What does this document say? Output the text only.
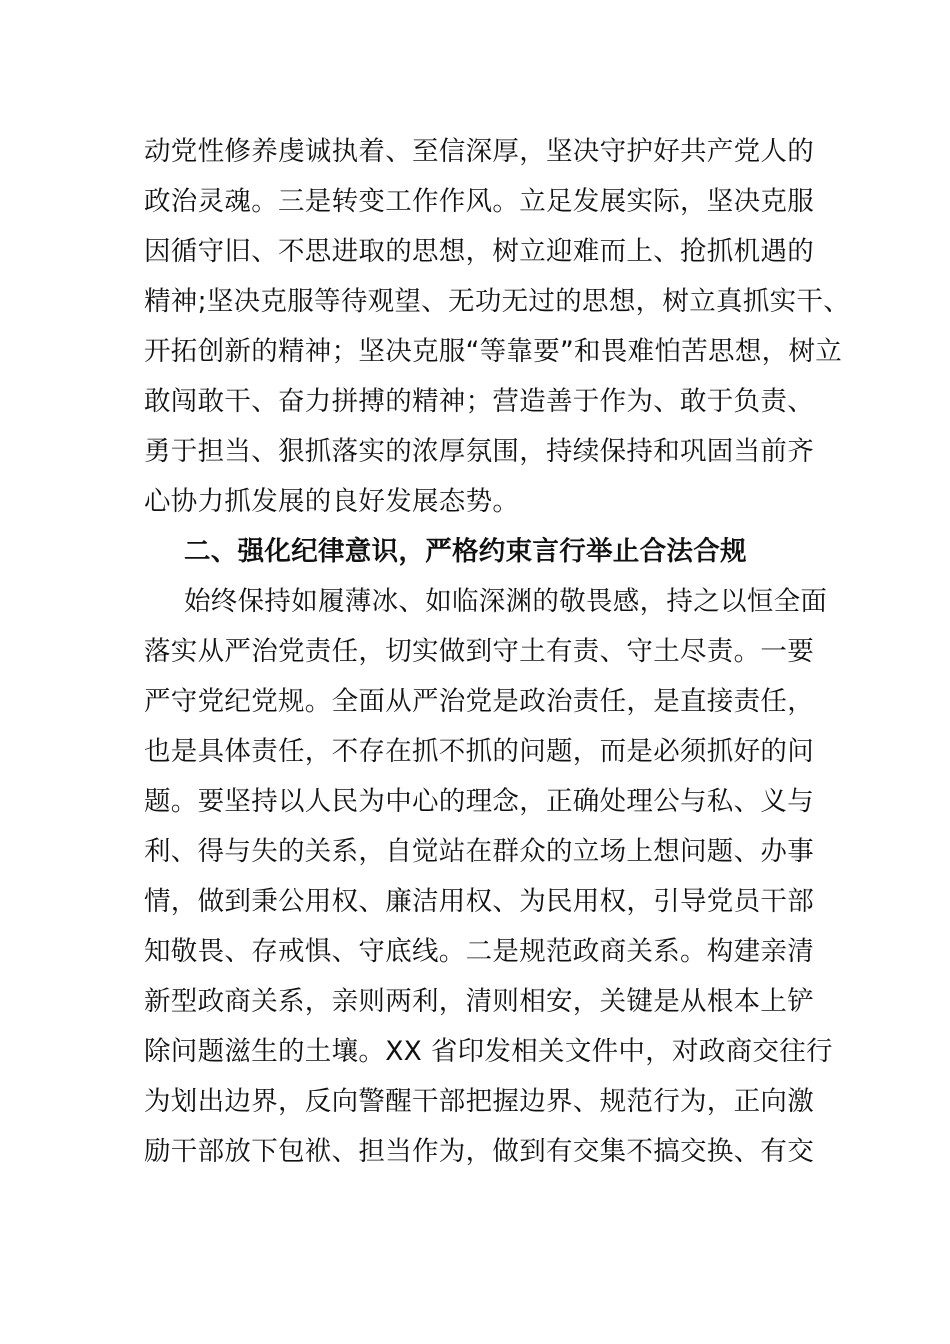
动党性修养虔诚执着、至信深厚，坚决守护好共产党人的
政治灵魂。三是转变工作作风。立足发展实际，坚决克服
因循守旧、不思进取的思想，树立迎难而上、抢抓机遇的
精神;坚决克服等待观望、无功无过的思想，树立真抓实干、
开拓创新的精神；坚决克服“等靠要”和畏难怕苦思想，树立
敢闯敢干、奋力拼搏的精神；营造善于作为、敢于负责、
勇于担当、狠抓落实的浓厚氛围，持续保持和巩固当前齐
心协力抓发展的良好发展态势。
二、强化纪律意识，严格约束言行举止合法合规
始终保持如履薄冰、如临深渊的敬畏感，持之以恒全面
落实从严治党责任，切实做到守土有责、守土尽责。一要
严守党纪党规。全面从严治党是政治责任，是直接责任，
也是具体责任，不存在抓不抓的问题，而是必须抓好的问
题。要坚持以人民为中心的理念，正确处理公与私、义与
利、得与失的关系，自觉站在群众的立场上想问题、办事
情，做到秉公用权、廉洁用权、为民用权，引导党员干部
知敬畏、存戒惧、守底线。二是规范政商关系。构建亲清
新型政商关系，亲则两利，清则相安，关键是从根本上铲
除问题滋生的土壤。XX 省印发相关文件中，对政商交往行
为划出边界，反向警醒干部把握边界、规范行为，正向激
励干部放下包袱、担当作为，做到有交集不搞交换、有交
